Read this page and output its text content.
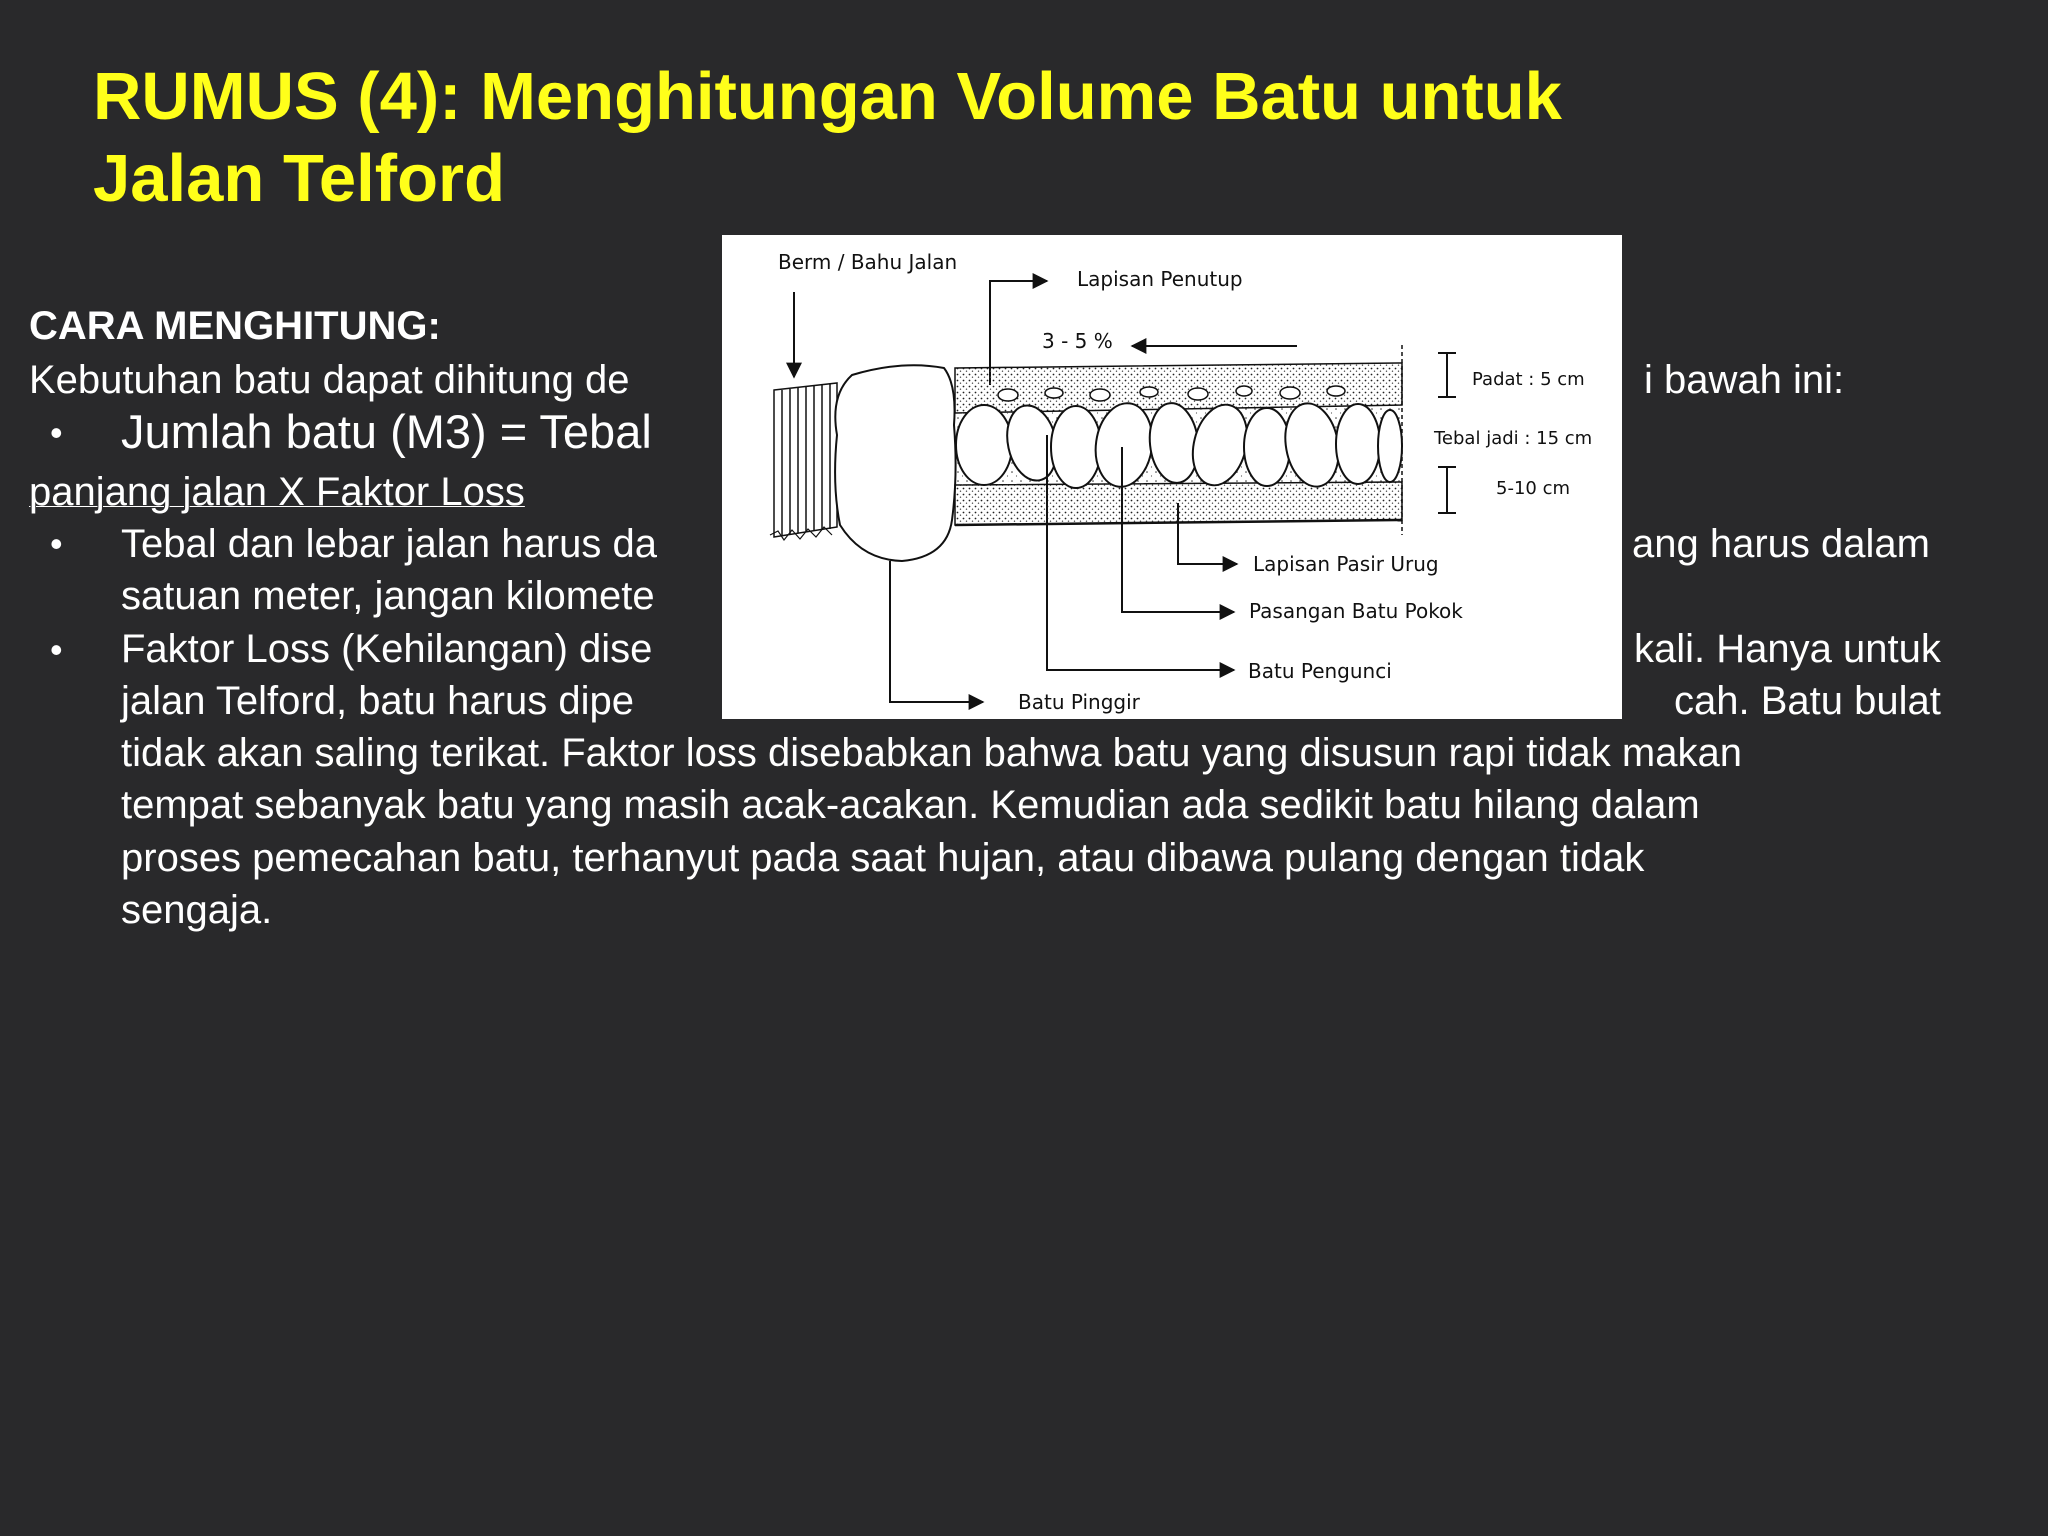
RUMUS (4): Menghitungan Volume Batu untuk
Jalan Telford
CARA MENGHITUNG:
Kebutuhan batu dapat dihitung de	i bawah ini:
• Jumlah batu (M3) = Tebal
panjang jalan X Faktor Loss
• Tebal dan lebar jalan harus da	ang harus dalam
satuan meter, jangan kilomete
• Faktor Loss (Kehilangan) dise	kali. Hanya untuk
jalan Telford, batu harus dipe	cah. Batu bulat
tidak akan saling terikat. Faktor loss disebabkan bahwa batu yang disusun rapi tidak makan
tempat sebanyak batu yang masih acak-acakan. Kemudian ada sedikit batu hilang dalam
proses pemecahan batu, terhanyut pada saat hujan, atau dibawa pulang dengan tidak
sengaja.
Berm / Bahu Jalan
Lapisan Penutup
3 - 5 %
Padat : 5 cm
Tebal jadi : 15 cm
5-10 cm
Lapisan Pasir Urug
Pasangan Batu Pokok
Batu Pengunci
Batu Pinggir
